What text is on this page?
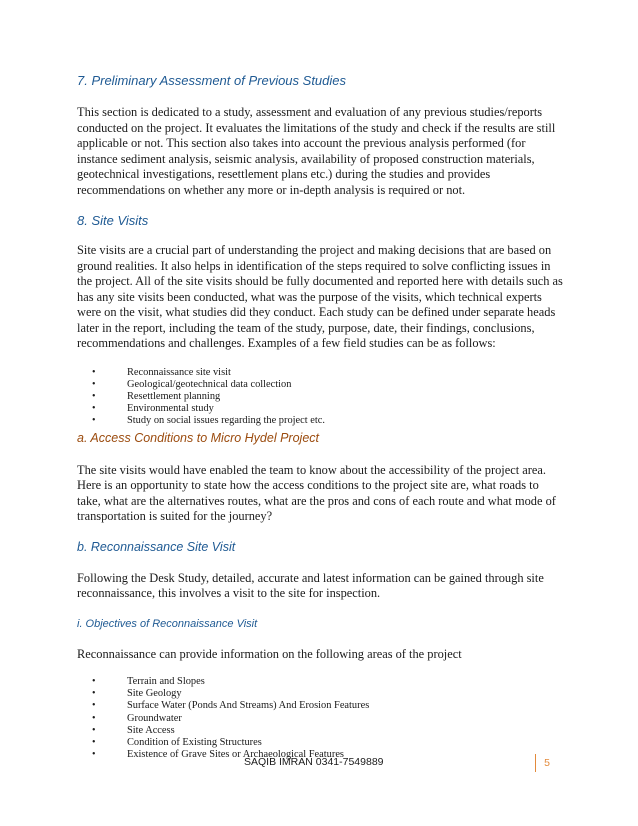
7. Preliminary Assessment of Previous Studies

This section is dedicated to a study, assessment and evaluation of any previous studies/reports conducted on the project. It evaluates the limitations of the study and check if the results are still applicable or not. This section also takes into account the previous analysis performed (for instance sediment analysis, seismic analysis, availability of proposed construction materials, geotechnical investigations, resettlement plans etc.) during the studies and provides recommendations on whether any more or in-depth analysis is required or not.

8. Site Visits

Site visits are a crucial part of understanding the project and making decisions that are based on ground realities. It also helps in identification of the steps required to solve conflicting issues in the project. All of the site visits should be fully documented and reported here with details such as has any site visits been conducted, what was the purpose of the visits, which technical experts were on the visit, what studies did they conduct. Each study can be defined under separate heads later in the report, including the team of the study, purpose, date, their findings, conclusions, recommendations and challenges. Examples of a few field studies can be as follows:

•	Reconnaissance site visit
•	Geological/geotechnical data collection
•	Resettlement planning
•	Environmental study
•	Study on social issues regarding the project etc.
a. Access Conditions to Micro Hydel Project

The site visits would have enabled the team to know about the accessibility of the project area. Here is an opportunity to state how the access conditions to the project site are, what roads to take, what are the alternatives routes, what are the pros and cons of each route and what mode of transportation is suited for the journey?

b. Reconnaissance Site Visit

Following the Desk Study, detailed, accurate and latest information can be gained through site reconnaissance, this involves a visit to the site for inspection.

i. Objectives of Reconnaissance Visit

Reconnaissance can provide information on the following areas of the project

•	Terrain and Slopes
•	Site Geology
•	Surface Water (Ponds And Streams) And Erosion Features
•	Groundwater
•	Site Access
•	Condition of Existing Structures
•	Existence of Grave Sites or Archaeological Features
SAQIB IMRAN 0341-7549889	5
